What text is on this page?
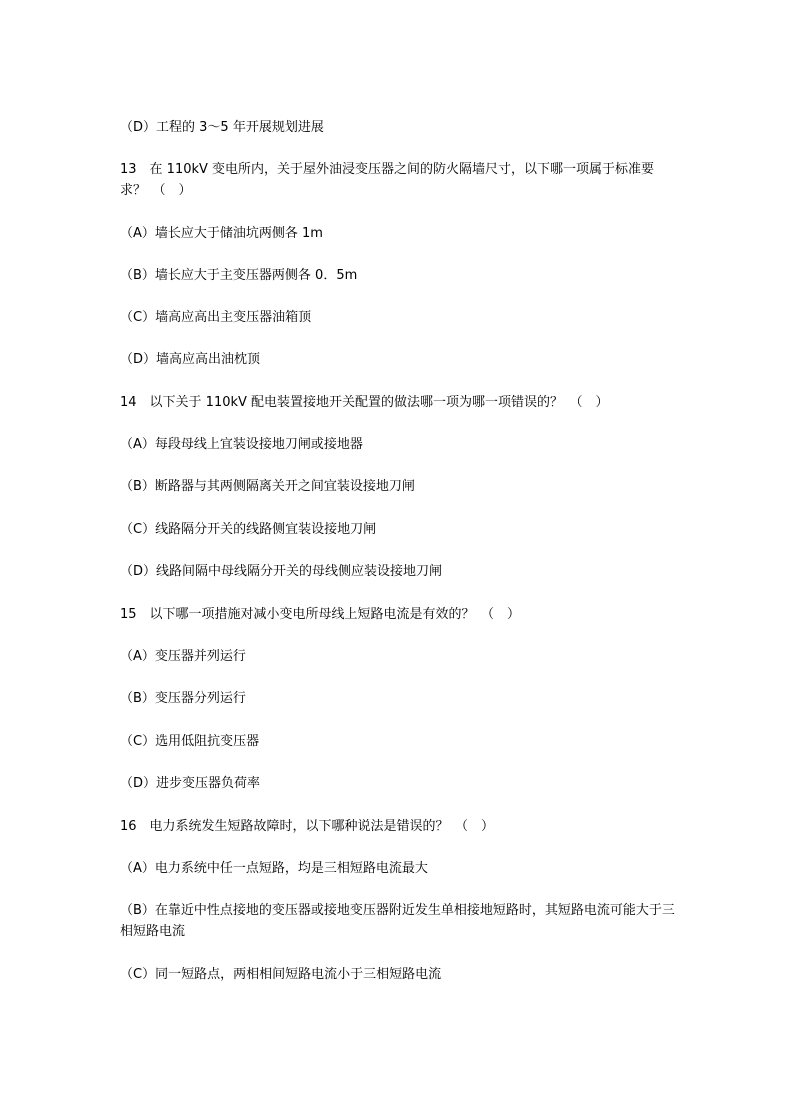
（D）工程的 3～5 年开展规划进展
13　在 110kV 变电所内，关于屋外油浸变压器之间的防火隔墙尺寸，以下哪一项属于标准要求？　（　）
（A）墙长应大于储油坑两侧各 1m
（B）墙长应大于主变压器两侧各 0．5m
（C）墙高应高出主变压器油箱顶
（D）墙高应高出油枕顶
14　以下关于 110kV 配电装置接地开关配置的做法哪一项为哪一项错误的？　（　）
（A）每段母线上宜装设接地刀闸或接地器
（B）断路器与其两侧隔离关开之间宜装设接地刀闸
（C）线路隔分开关的线路侧宜装设接地刀闸
（D）线路间隔中母线隔分开关的母线侧应装设接地刀闸
15　以下哪一项措施对减小变电所母线上短路电流是有效的？　（　）
（A）变压器并列运行
（B）变压器分列运行
（C）选用低阻抗变压器
（D）进步变压器负荷率
16　电力系统发生短路故障时，以下哪种说法是错误的？　（　）
（A）电力系统中任一点短路，均是三相短路电流最大
（B）在靠近中性点接地的变压器或接地变压器附近发生单相接地短路时，其短路电流可能大于三相短路电流
（C）同一短路点，两相相间短路电流小于三相短路电流
